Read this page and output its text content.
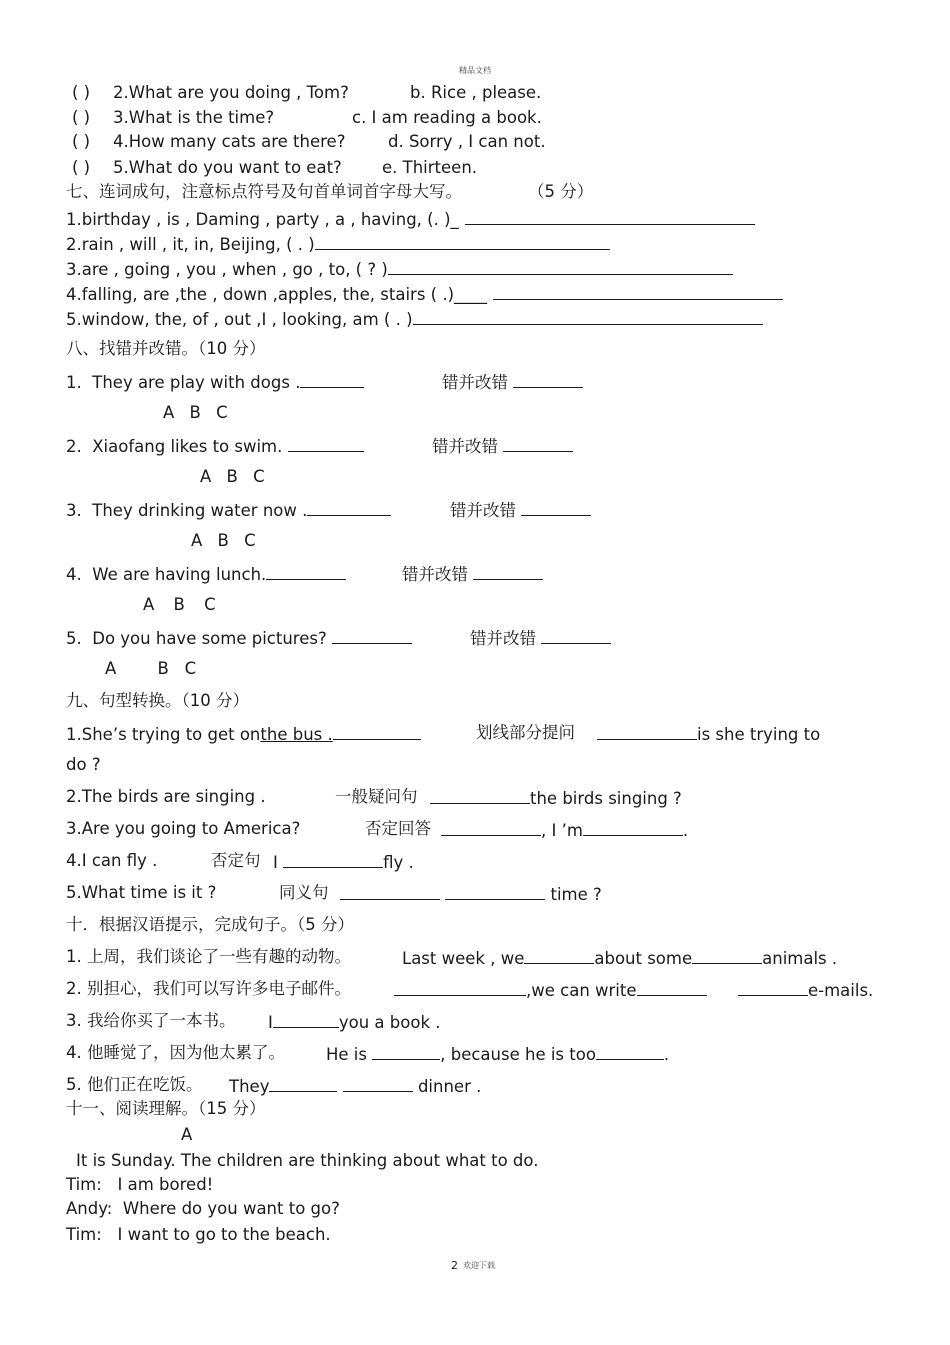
精品文档
( ) 2.What are you doing , Tom?	b. Rice , please.
( ) 3.What is the time?	c. I am reading a book.
( ) 4.How many cats are there?	d. Sorry , I can not.
( ) 5.What do you want to eat? e. Thirteen.
七、连词成句，注意标点符号及句首单词首字母大写。	（5 分）
1.birthday , is , Daming , party , a , having, (. )_
2.rain , will , it, in, Beijing, ( . )
3.are , going , you , when , go , to, ( ? )
4.falling, are ,the , down ,apples, the, stairs ( .)____
5.window, the, of , out ,I , looking, am ( . )
八、找错并改错。（10 分）
1. They are play with dogs .	错并改错
A B C
2. Xiaofang likes to swim.	错并改错
A B C
3. They drinking water now .	错并改错
A B C
4. We are having lunch.	错并改错
A B C
5. Do you have some pictures?	错并改错
A	B C
九、句型转换。（10 分）
1.She’s trying to get onthe bus .	划线部分提问	is she trying to
do ?
2.The birds are singing .	一般疑问句	the birds singing ?
3.Are you going to America?	否定回答	, I ’m	.
4.I can fly .	否定句 I	fly .
5.What time is it ?	同义句	time ?
十．根据汉语提示，完成句子。（5 分）
1. 上周，我们谈论了一些有趣的动物。	Last week , we	about some	animals .
2. 别担心，我们可以写许多电子邮件。	,we can write	e-mails.
3. 我给你买了一本书。 I	you a book .
4. 他睡觉了，因为他太累了。 He is	, because he is too	.
5. 他们正在吃饭。 They	dinner .
十一、阅读理解。（15 分）
A
It is Sunday. The children are thinking about what to do.
Tim:   I am bored!
Andy:  Where do you want to go?
Tim:   I want to go to the beach.
2 欢迎下载
